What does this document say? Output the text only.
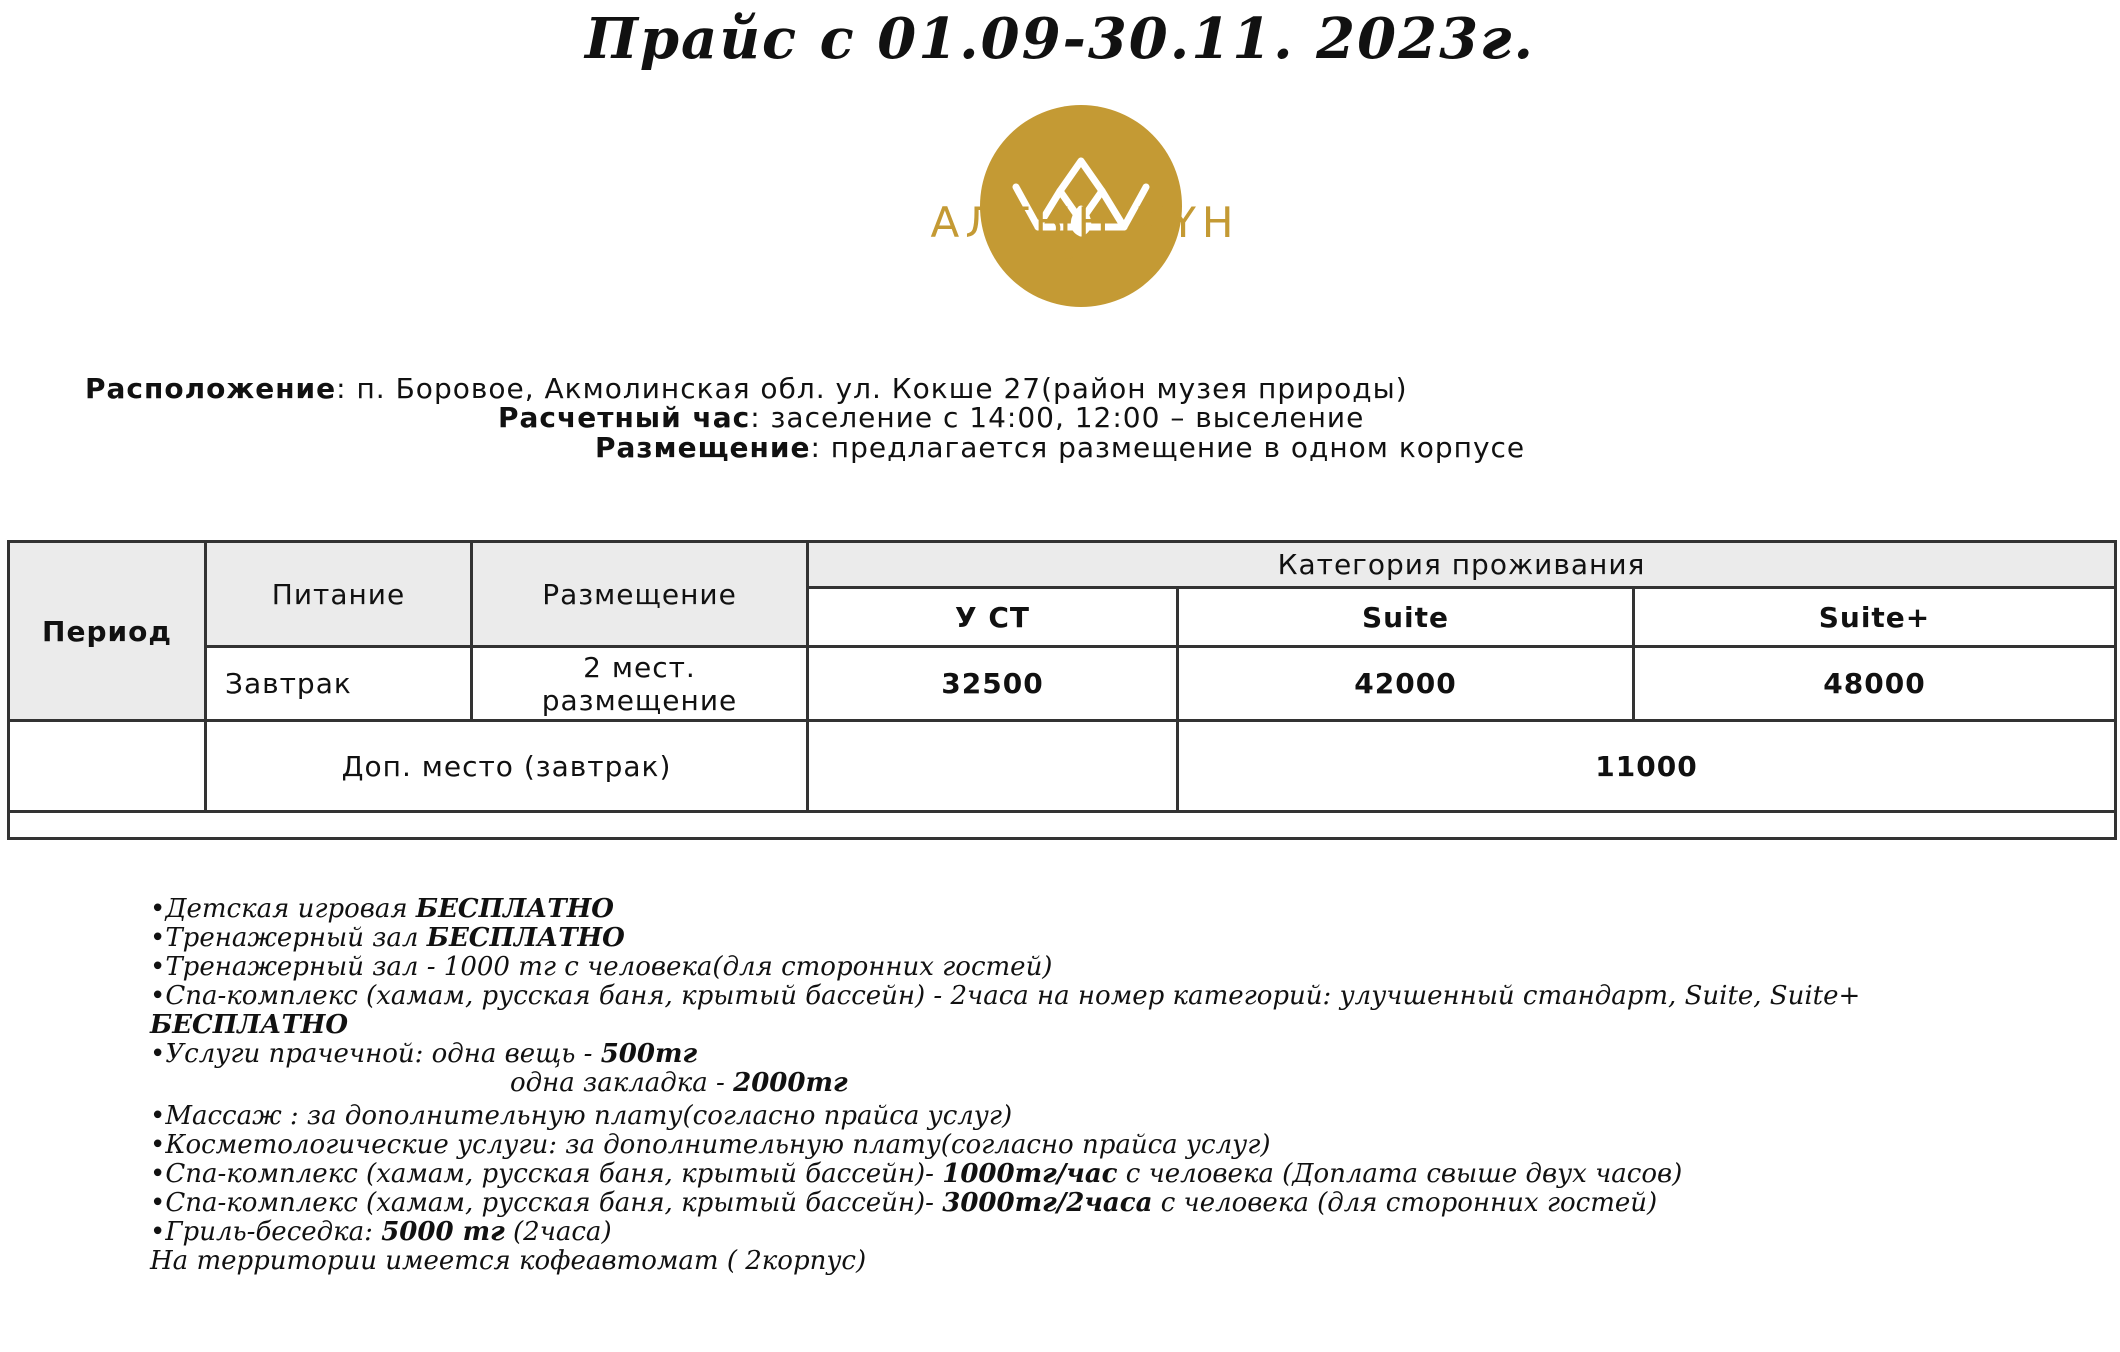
Прайс с 01.09-30.11. 2023г.
АЛТЫН КҮН
HOTEL
Расположение: п. Боровое, Акмолинская обл. ул. Кокше 27(район музея природы)
Расчетный час: заселение с 14:00, 12:00 – выселение
Размещение: предлагается размещение в одном корпусе
Период	Питание	Размещение	Категория проживания		
			У СТ	Suite	Suite+
	Завтрак	2 мест. размещение	32500	42000	48000
	Доп. место (завтрак)			11000	

•Детская игровая БЕСПЛАТНО

•Тренажерный зал БЕСПЛАТНО

•Тренажерный зал - 1000 тг с человека(для сторонних гостей)

•Спа-комплекс (хамам, русская баня, крытый бассейн) - 2часа на номер категорий: улучшенный стандарт, Suite, Suite+ БЕСПЛАТНО

•Услуги прачечной: одна вещь - 500тг

одна закладка - 2000тг

•Массаж : за дополнительную плату(согласно прайса услуг)

•Косметологические услуги: за дополнительную плату(согласно прайса услуг)

•Спа-комплекс (хамам, русская баня, крытый бассейн)- 1000тг/час с человека (Доплата свыше двух часов)

•Спа-комплекс (хамам, русская баня, крытый бассейн)- 3000тг/2часа с человека (для сторонних гостей)

•Гриль-беседка: 5000 тг (2часа)

На территории имеется кофеавтомат ( 2корпус)
